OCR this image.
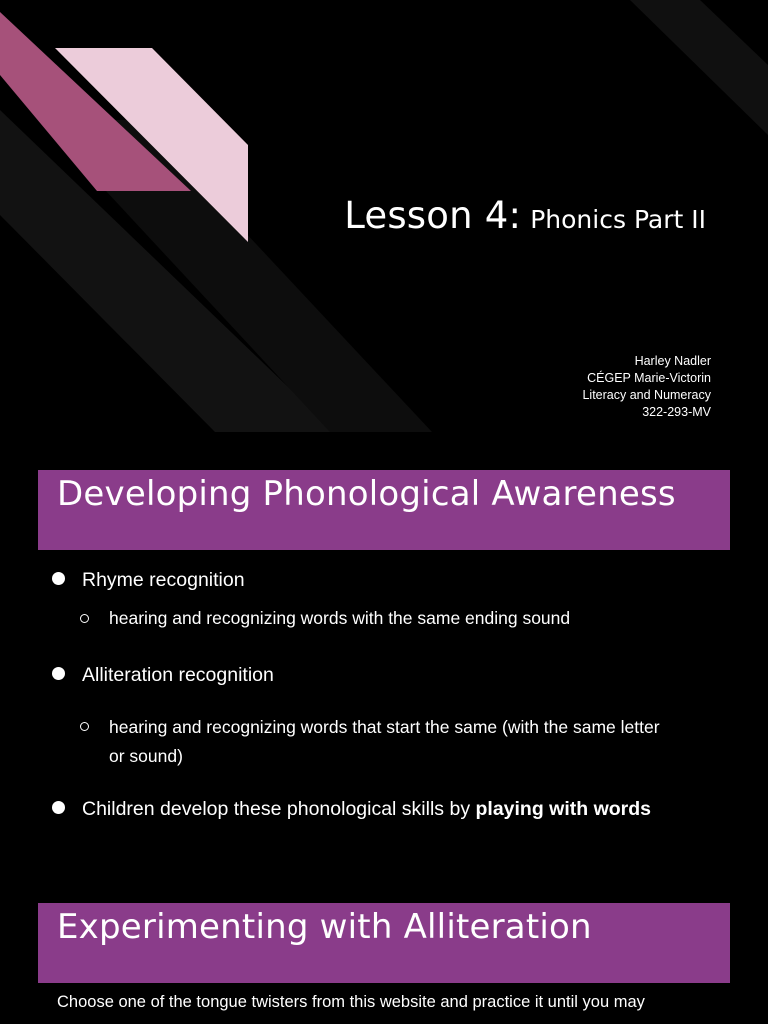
Lesson 4: Phonics Part II
Harley Nadler
CÉGEP Marie-Victorin
Literacy and Numeracy
322-293-MV
Developing Phonological Awareness
Rhyme recognition
hearing and recognizing words with the same ending sound
Alliteration recognition
hearing and recognizing words that start the same (with the same letter
or sound)
Children develop these phonological skills by playing with words
Experimenting with Alliteration
Choose one of the tongue twisters from this website and practice it until you may
